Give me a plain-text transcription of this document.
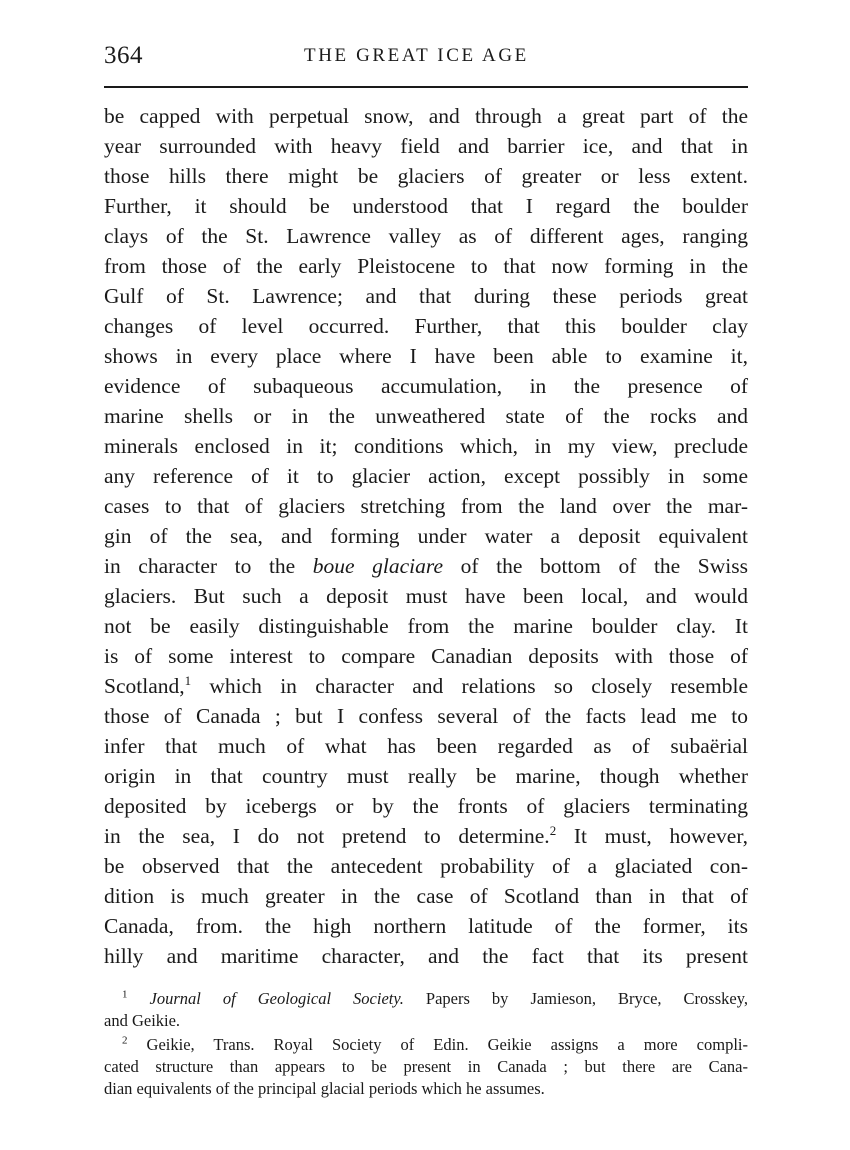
364	THE GREAT ICE AGE
be capped with perpetual snow, and through a great part of the
year surrounded with heavy field and barrier ice, and that in
those hills there might be glaciers of greater or less extent.
Further, it should be understood that I regard the boulder
clays of the St. Lawrence valley as of different ages, ranging
from those of the early Pleistocene to that now forming in the
Gulf of St. Lawrence; and that during these periods great
changes of level occurred. Further, that this boulder clay
shows in every place where I have been able to examine it,
evidence of subaqueous accumulation, in the presence of
marine shells or in the unweathered state of the rocks and
minerals enclosed in it; conditions which, in my view, preclude
any reference of it to glacier action, except possibly in some
cases to that of glaciers stretching from the land over the mar-
gin of the sea, and forming under water a deposit equivalent
in character to the boue glaciare of the bottom of the Swiss
glaciers. But such a deposit must have been local, and would
not be easily distinguishable from the marine boulder clay. It
is of some interest to compare Canadian deposits with those of
Scotland,$^1$ which in character and relations so closely resemble
those of Canada ; but I confess several of the facts lead me to
infer that much of what has been regarded as of subaërial
origin in that country must really be marine, though whether
deposited by icebergs or by the fronts of glaciers terminating
in the sea, I do not pretend to determine.$^2$ It must, however,
be observed that the antecedent probability of a glaciated con-
dition is much greater in the case of Scotland than in that of
Canada, from. the high northern latitude of the former, its
hilly and maritime character, and the fact that its present
$^1$ Journal of Geological Society. Papers by Jamieson, Bryce, Crosskey,
and Geikie.
$^2$ Geikie, Trans. Royal Society of Edin. Geikie assigns a more compli-
cated structure than appears to be present in Canada ; but there are Cana-
dian equivalents of the principal glacial periods which he assumes.
